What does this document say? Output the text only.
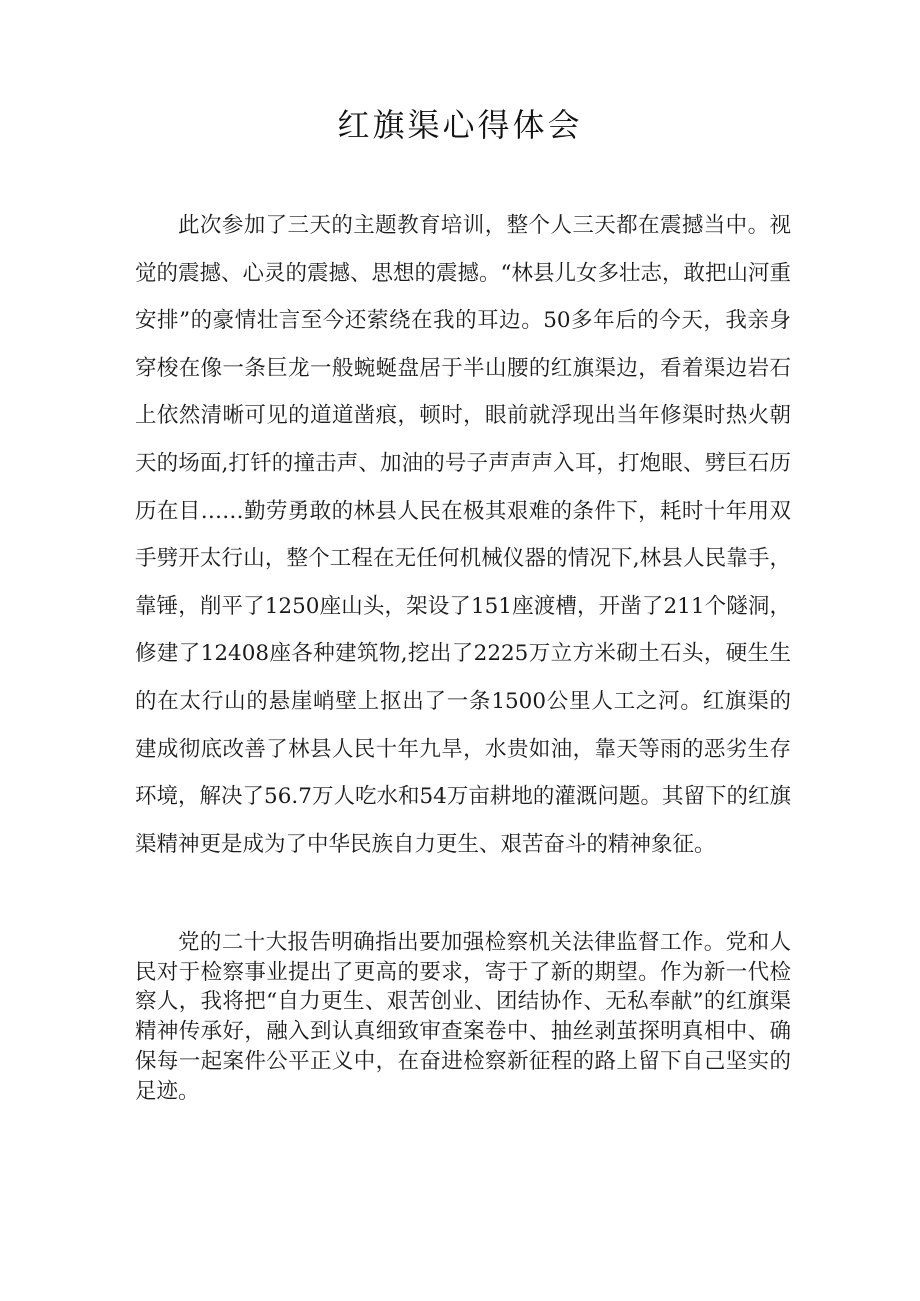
红旗渠心得体会

此次参加了三天的主题教育培训，整个人三天都在震撼当中。视觉的震撼、心灵的震撼、思想的震撼。“林县儿女多壮志，敢把山河重安排”的豪情壮言至今还萦绕在我的耳边。50多年后的今天，我亲身穿梭在像一条巨龙一般蜿蜒盘居于半山腰的红旗渠边，看着渠边岩石上依然清晰可见的道道凿痕，顿时，眼前就浮现出当年修渠时热火朝天的场面,打钎的撞击声、加油的号子声声声入耳，打炮眼、劈巨石历历在目……勤劳勇敢的林县人民在极其艰难的条件下，耗时十年用双手劈开太行山，整个工程在无任何机械仪器的情况下,林县人民靠手，靠锤，削平了1250座山头，架设了151座渡槽，开凿了211个隧洞，修建了12408座各种建筑物,挖出了2225万立方米砌土石头，硬生生的在太行山的悬崖峭壁上抠出了一条1500公里人工之河。红旗渠的建成彻底改善了林县人民十年九旱，水贵如油，靠天等雨的恶劣生存环境，解决了56.7万人吃水和54万亩耕地的灌溉问题。其留下的红旗渠精神更是成为了中华民族自力更生、艰苦奋斗的精神象征。

党的二十大报告明确指出要加强检察机关法律监督工作。党和人民对于检察事业提出了更高的要求，寄于了新的期望。作为新一代检察人，我将把“自力更生、艰苦创业、团结协作、无私奉献”的红旗渠精神传承好，融入到认真细致审查案卷中、抽丝剥茧探明真相中、确保每一起案件公平正义中，在奋进检察新征程的路上留下自己坚实的足迹。
